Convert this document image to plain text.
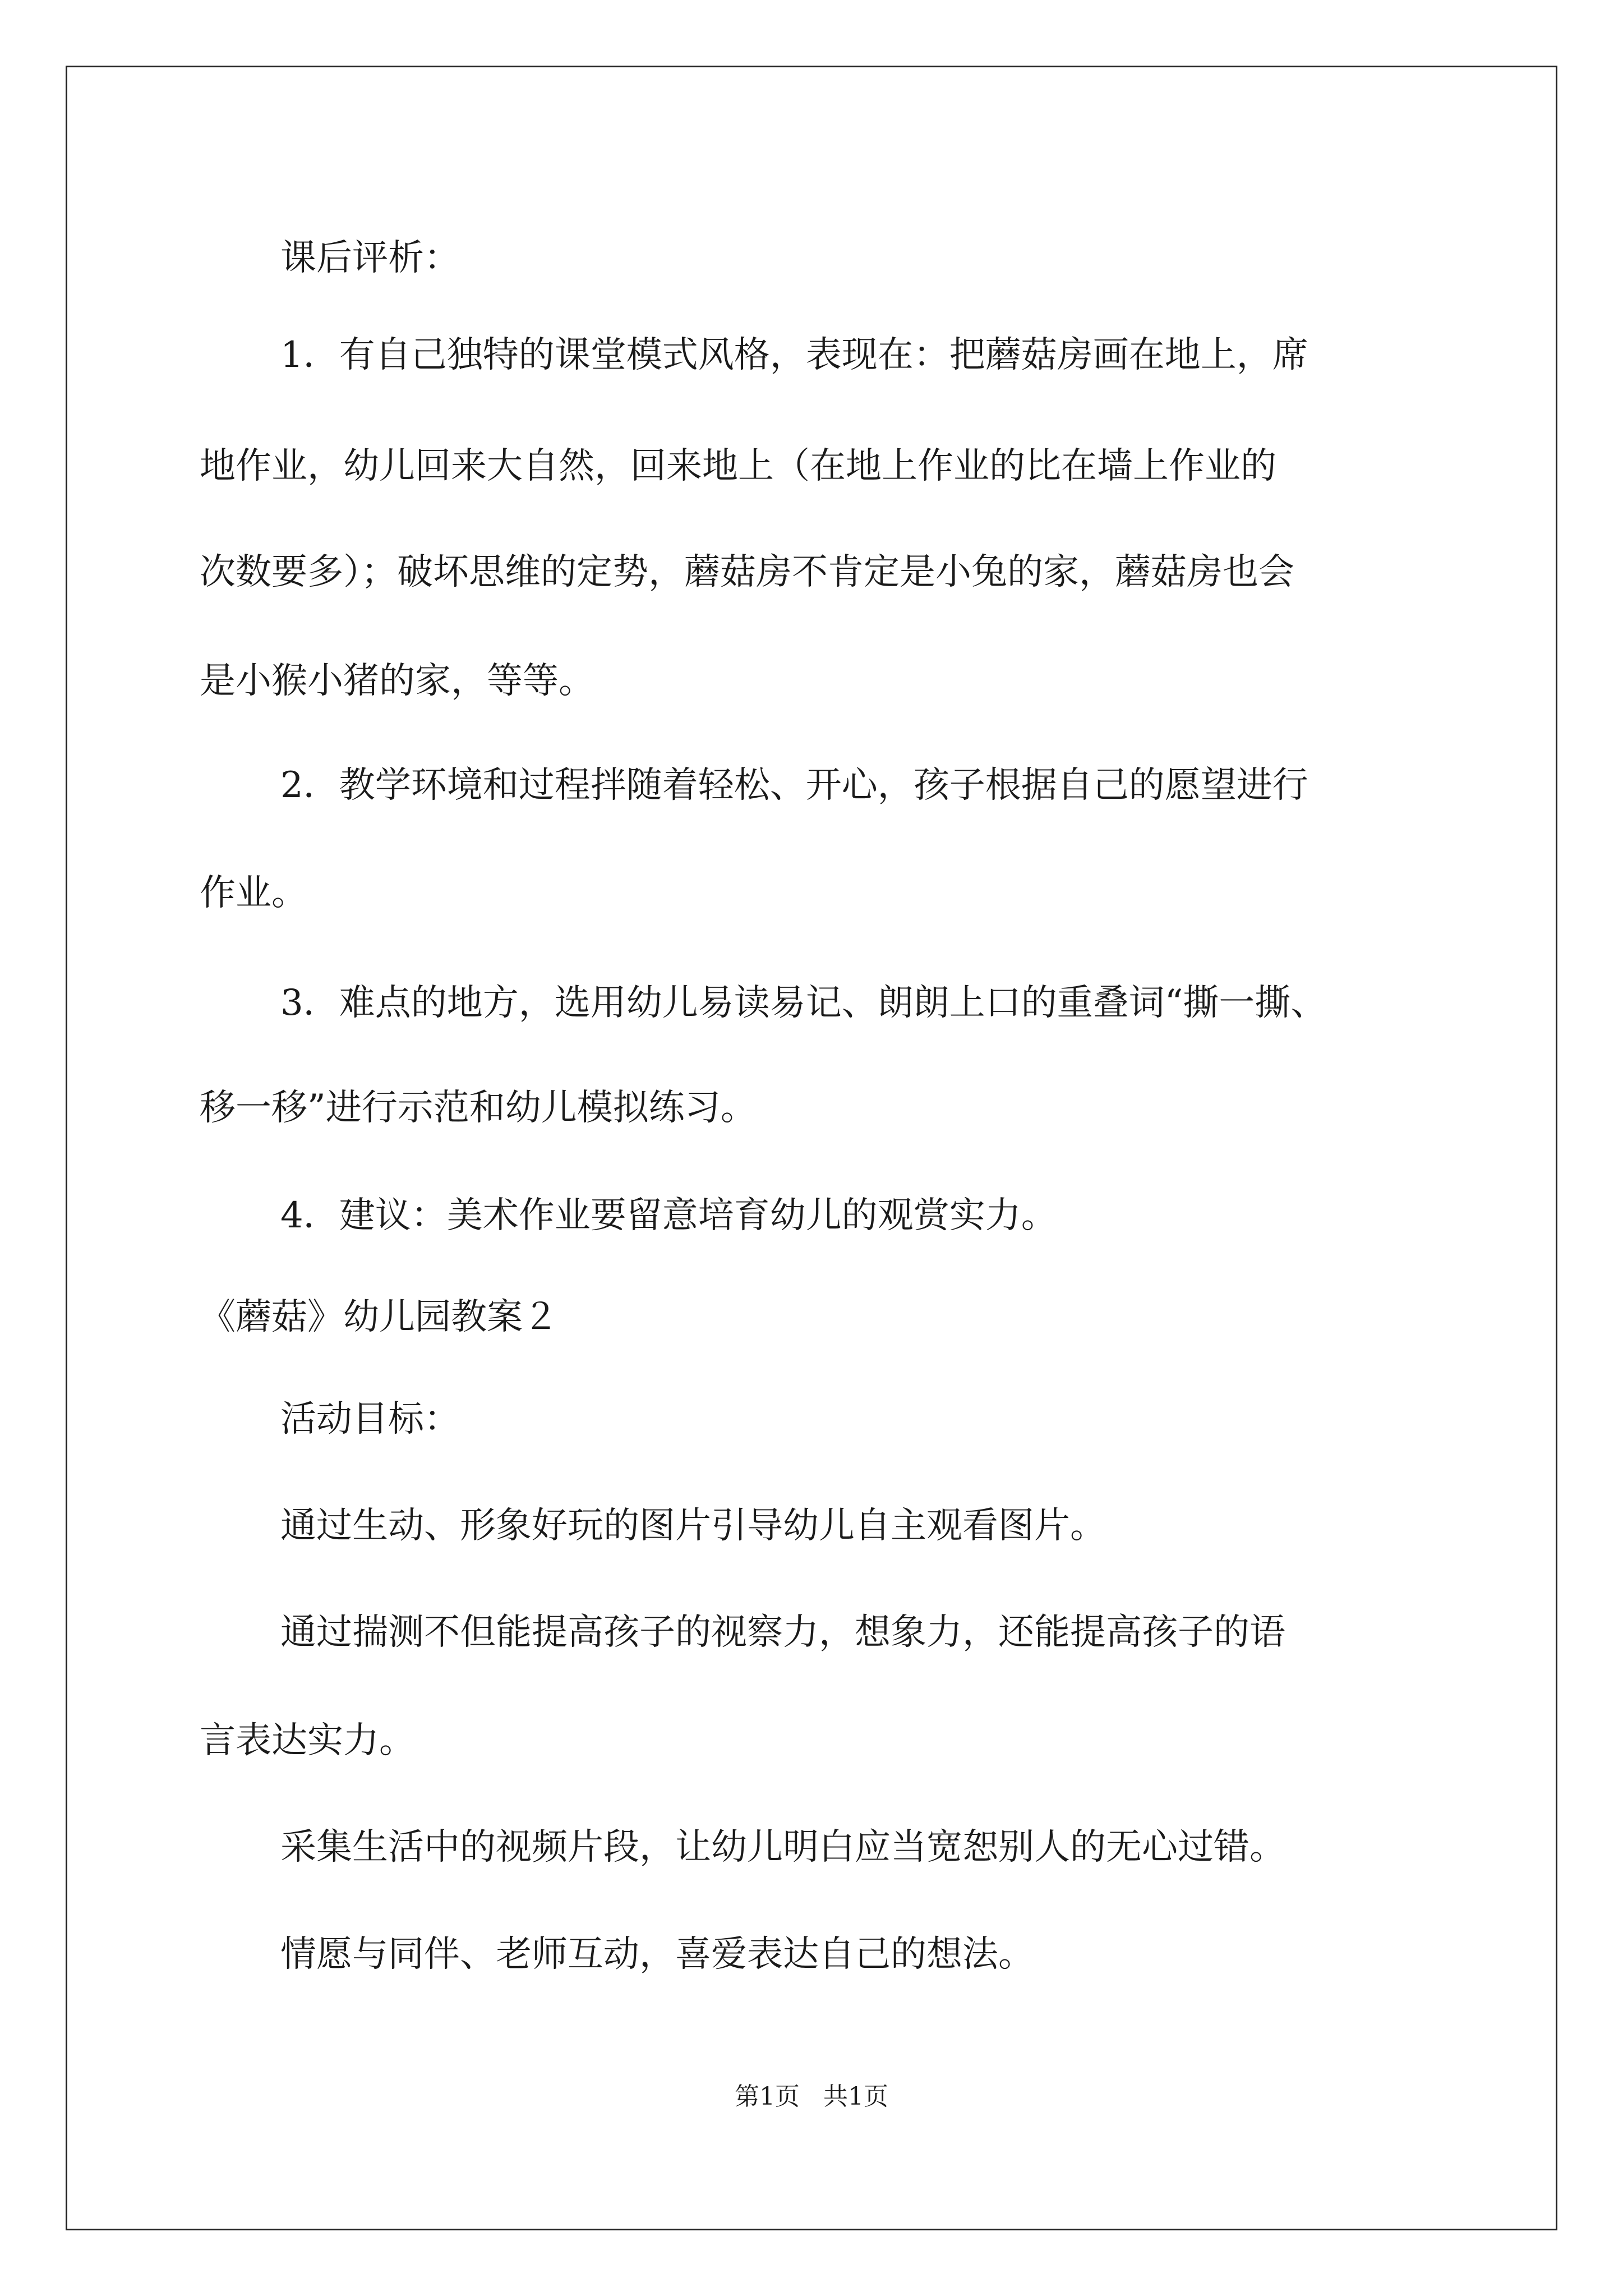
课后评析：
1．有自己独特的课堂模式风格，表现在：把蘑菇房画在地上，席
地作业，幼儿回来大自然，回来地上（在地上作业的比在墙上作业的
次数要多）；破坏思维的定势，蘑菇房不肯定是小兔的家，蘑菇房也会
是小猴小猪的家，等等。
2．教学环境和过程拌随着轻松、开心，孩子根据自己的愿望进行
作业。
3．难点的地方，选用幼儿易读易记、朗朗上口的重叠词“撕一撕、
移一移”进行示范和幼儿模拟练习。
4．建议：美术作业要留意培育幼儿的观赏实力。
《蘑菇》幼儿园教案２
活动目标：
通过生动、形象好玩的图片引导幼儿自主观看图片。
通过揣测不但能提高孩子的视察力，想象力，还能提高孩子的语
言表达实力。
采集生活中的视频片段，让幼儿明白应当宽恕别人的无心过错。
情愿与同伴、老师互动，喜爱表达自己的想法。
第1页   共1页
